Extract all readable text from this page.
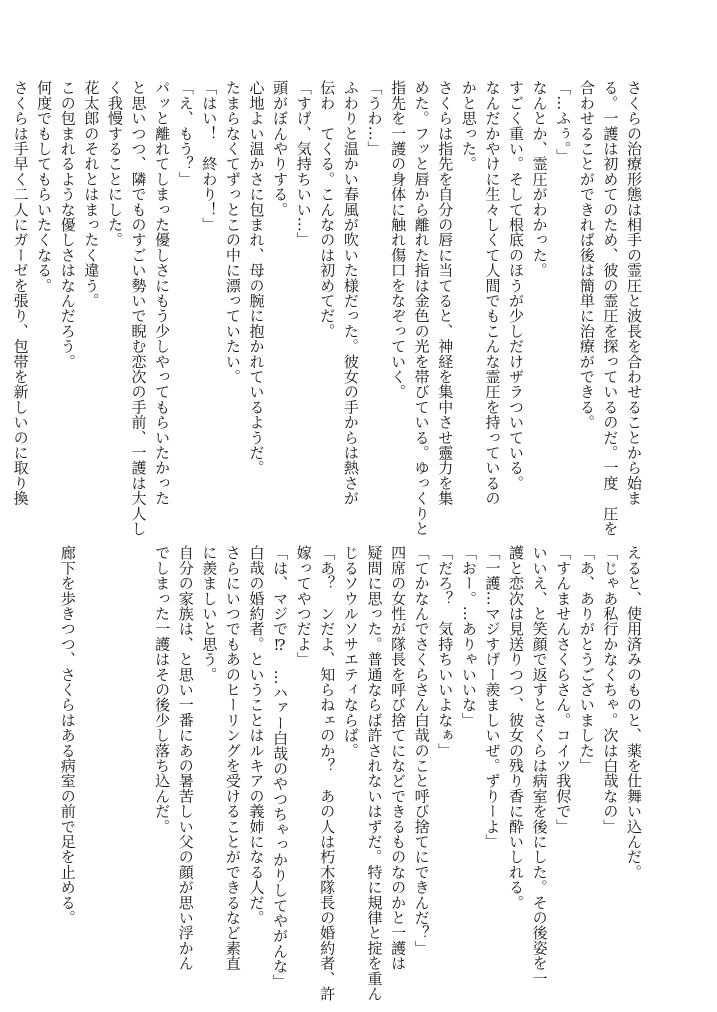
さくらの治療形態は相手の霊圧と波長を合わせることから始ま
る。一護は初めてのため、彼の霊圧を探っているのだ。一度　圧を
合わせることができれば後は簡単に治療ができる。
「…ふぅ。」
なんとか、霊圧がわかった。
すごく重い。そして根底のほうが少しだけザラついている。
なんだかやけに生々しくて人間でもこんな霊圧を持っているの
かと思った。
さくらは指先を自分の唇に当てると、神経を集中させ靈力を集
めた。フッと唇から離れた指は金色の光を帯びている。ゆっくりと
指先を一護の身体に触れ傷口をなぞっていく。
「うわ…」
ふわりと温かい春風が吹いた様だった。彼女の手からは熱さが
伝わ　てくる。こんなのは初めてだ。
「すげ、気持ちいい…」
頭がぼんやりする。
心地よい温かさに包まれ、母の腕に抱かれているようだ。
たまらなくてずっとこの中に漂っていたい。
「はい！　終わり！」
「え、もう？」
パッと離れてしまった優しさにもう少しやってもらいたかった
と思いつつ、隣でものすごい勢いで睨む恋次の手前、一護は大人し
く我慢することにした。
花太郎のそれとはまったく違う。
この包まれるような優しさはなんだろう。
何度でもしてもらいたくなる。
さくらは手早く二人にガーゼを張り、包帯を新しいのに取り換
えると、使用済みのものと、薬を仕舞い込んだ。
「じゃあ私行かなくちゃ。次は白哉なの」
「あ、ありがとうございました」
「すんませんさくらさん。コイツ我侭で」
いいえ、と笑顔で返すとさくらは病室を後にした。その後姿を一
護と恋次は見送りつつ、彼女の残り香に酔いしれる。
「一護…マジすげー羨ましいぜ。ずりーよ」
「おー。…ありゃいいな」
「だろ？　気持ちいいよなぁ」
「てかなんでさくらさん白哉のこと呼び捨てにできんだ？」
四席の女性が隊長を呼び捨てになどできるものなのかと一護は
疑問に思った。普通ならば許されないはずだ。特に規律と掟を重ん
じるソウルソサエティならば。
「あ？　ンだよ、知らねェのか？　あの人は朽木隊長の婚約者、許
嫁ってやつだよ」
「は、マジで⁉　…ハァー白哉のやつちゃっかりしてやがんな」
白哉の婚約者。ということはルキアの義姉になる人だ。
さらにいつでもあのヒーリングを受けることができるなど素直
に羨ましいと思う。
自分の家族は、と思い一番にあの暑苦しい父の顔が思い浮かん
でしまった一護はその後少し落ち込んだ。

廊下を歩きつつ、さくらはある病室の前で足を止める。
